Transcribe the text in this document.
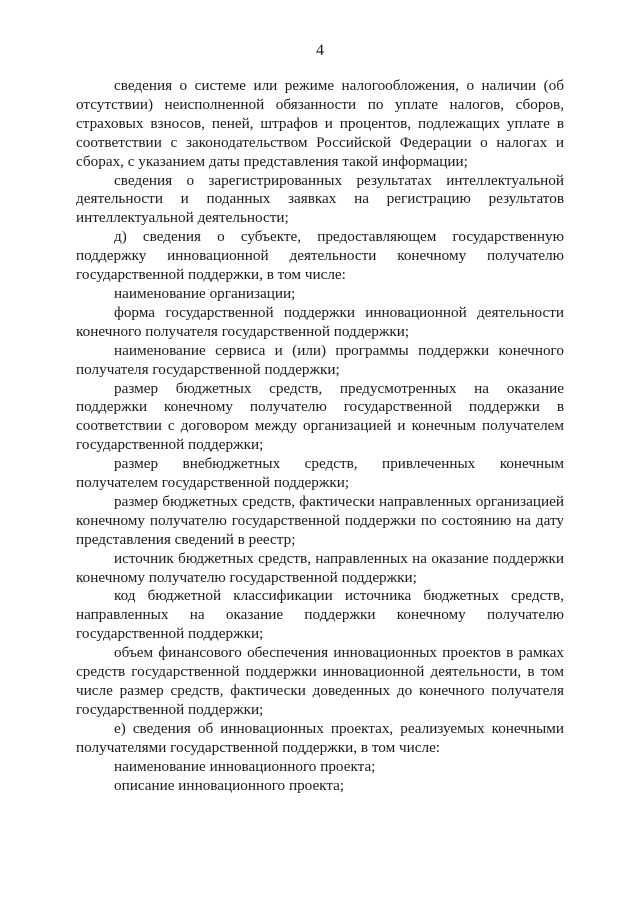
4

сведения о системе или режиме налогообложения, о наличии (об отсутствии) неисполненной обязанности по уплате налогов, сборов, страховых взносов, пеней, штрафов и процентов, подлежащих уплате в соответствии с законодательством Российской Федерации о налогах и сборах, с указанием даты представления такой информации;

сведения о зарегистрированных результатах интеллектуальной деятельности и поданных заявках на регистрацию результатов интеллектуальной деятельности;

д) сведения о субъекте, предоставляющем государственную поддержку инновационной деятельности конечному получателю государственной поддержки, в том числе:

наименование организации;

форма государственной поддержки инновационной деятельности конечного получателя государственной поддержки;

наименование сервиса и (или) программы поддержки конечного получателя государственной поддержки;

размер бюджетных средств, предусмотренных на оказание поддержки конечному получателю государственной поддержки в соответствии с договором между организацией и конечным получателем государственной поддержки;

размер внебюджетных средств, привлеченных конечным получателем государственной поддержки;

размер бюджетных средств, фактически направленных организацией конечному получателю государственной поддержки по состоянию на дату представления сведений в реестр;

источник бюджетных средств, направленных на оказание поддержки конечному получателю государственной поддержки;

код бюджетной классификации источника бюджетных средств, направленных на оказание поддержки конечному получателю государственной поддержки;

объем финансового обеспечения инновационных проектов в рамках средств государственной поддержки инновационной деятельности, в том числе размер средств, фактически доведенных до конечного получателя государственной поддержки;

е) сведения об инновационных проектах, реализуемых конечными получателями государственной поддержки, в том числе:

наименование инновационного проекта;

описание инновационного проекта;
